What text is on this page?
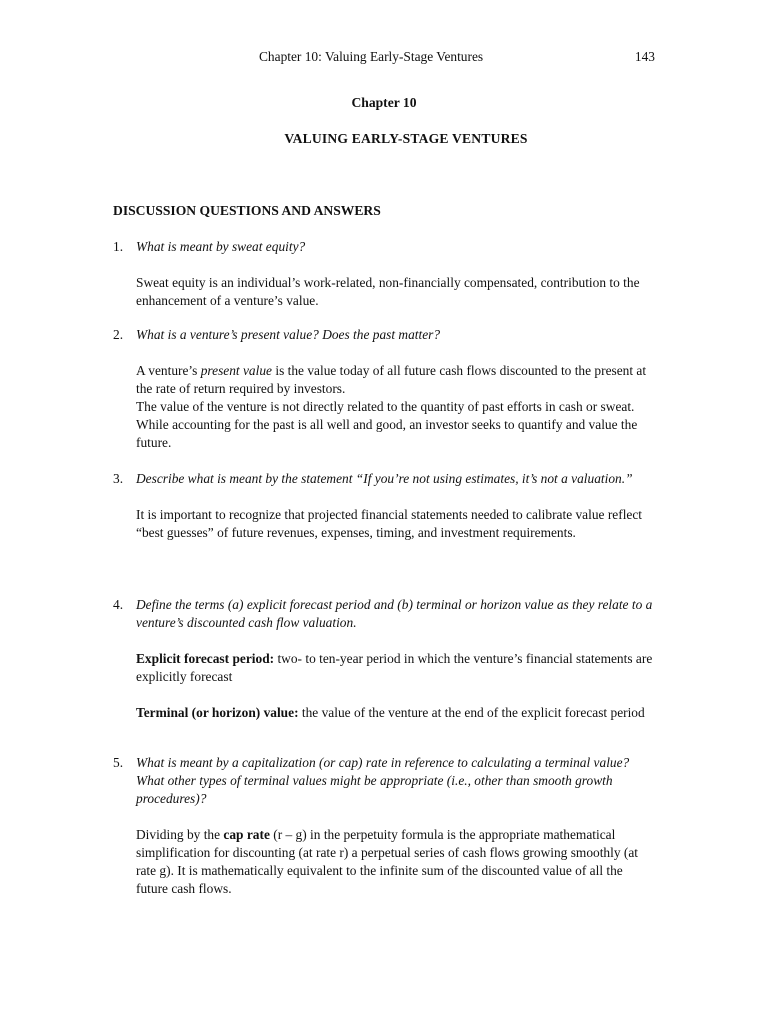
Chapter 10: Valuing Early-Stage Ventures	143
Chapter 10
VALUING EARLY-STAGE VENTURES
DISCUSSION QUESTIONS AND ANSWERS
1. What is meant by sweat equity?

Sweat equity is an individual’s work-related, non-financially compensated, contribution to the enhancement of a venture’s value.

2. What is a venture’s present value? Does the past matter?

A venture’s present value is the value today of all future cash flows discounted to the present at the rate of return required by investors.

The value of the venture is not directly related to the quantity of past efforts in cash or sweat. While accounting for the past is all well and good, an investor seeks to quantify and value the future.

3. Describe what is meant by the statement “If you’re not using estimates, it’s not a valuation.”

It is important to recognize that projected financial statements needed to calibrate value reflect “best guesses” of future revenues, expenses, timing, and investment requirements.

4. Define the terms (a) explicit forecast period and (b) terminal or horizon value as they relate to a venture’s discounted cash flow valuation.

Explicit forecast period: two- to ten-year period in which the venture’s financial statements are explicitly forecast

Terminal (or horizon) value: the value of the venture at the end of the explicit forecast period

5. What is meant by a capitalization (or cap) rate in reference to calculating a terminal value? What other types of terminal values might be appropriate (i.e., other than smooth growth procedures)?

Dividing by the cap rate (r – g) in the perpetuity formula is the appropriate mathematical simplification for discounting (at rate r) a perpetual series of cash flows growing smoothly (at rate g). It is mathematically equivalent to the infinite sum of the discounted value of all the future cash flows.
